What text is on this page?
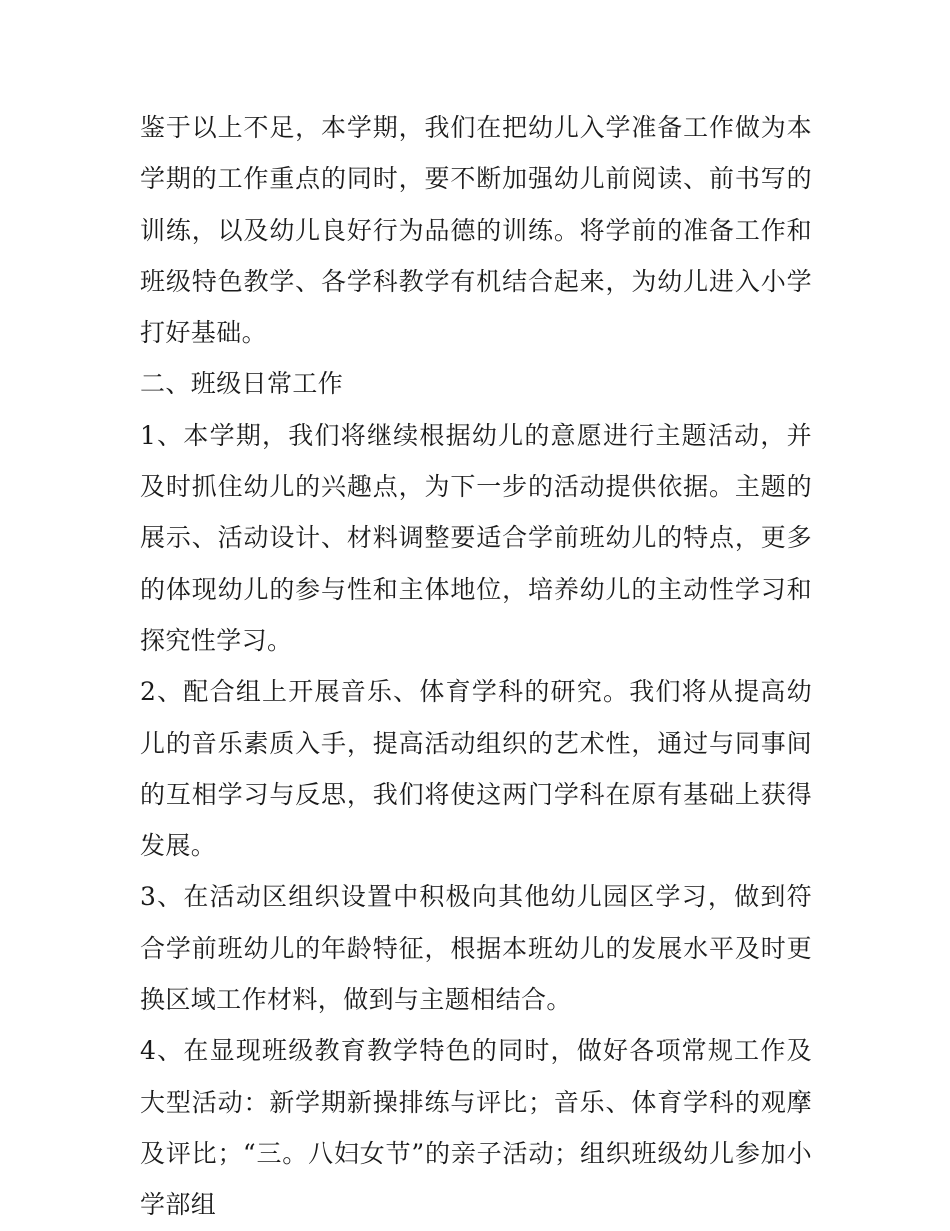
鉴于以上不足，本学期，我们在把幼儿入学准备工作做为本学期的工作重点的同时，要不断加强幼儿前阅读、前书写的训练，以及幼儿良好行为品德的训练。将学前的准备工作和班级特色教学、各学科教学有机结合起来，为幼儿进入小学打好基础。

二、班级日常工作

1、本学期，我们将继续根据幼儿的意愿进行主题活动，并及时抓住幼儿的兴趣点，为下一步的活动提供依据。主题的展示、活动设计、材料调整要适合学前班幼儿的特点，更多的体现幼儿的参与性和主体地位，培养幼儿的主动性学习和探究性学习。

2、配合组上开展音乐、体育学科的研究。我们将从提高幼儿的音乐素质入手，提高活动组织的艺术性，通过与同事间的互相学习与反思，我们将使这两门学科在原有基础上获得发展。

3、在活动区组织设置中积极向其他幼儿园区学习，做到符合学前班幼儿的年龄特征，根据本班幼儿的发展水平及时更换区域工作材料，做到与主题相结合。

4、在显现班级教育教学特色的同时，做好各项常规工作及大型活动：新学期新操排练与评比；音乐、体育学科的观摩及评比；“三。八妇女节”的亲子活动；组织班级幼儿参加小学部组
